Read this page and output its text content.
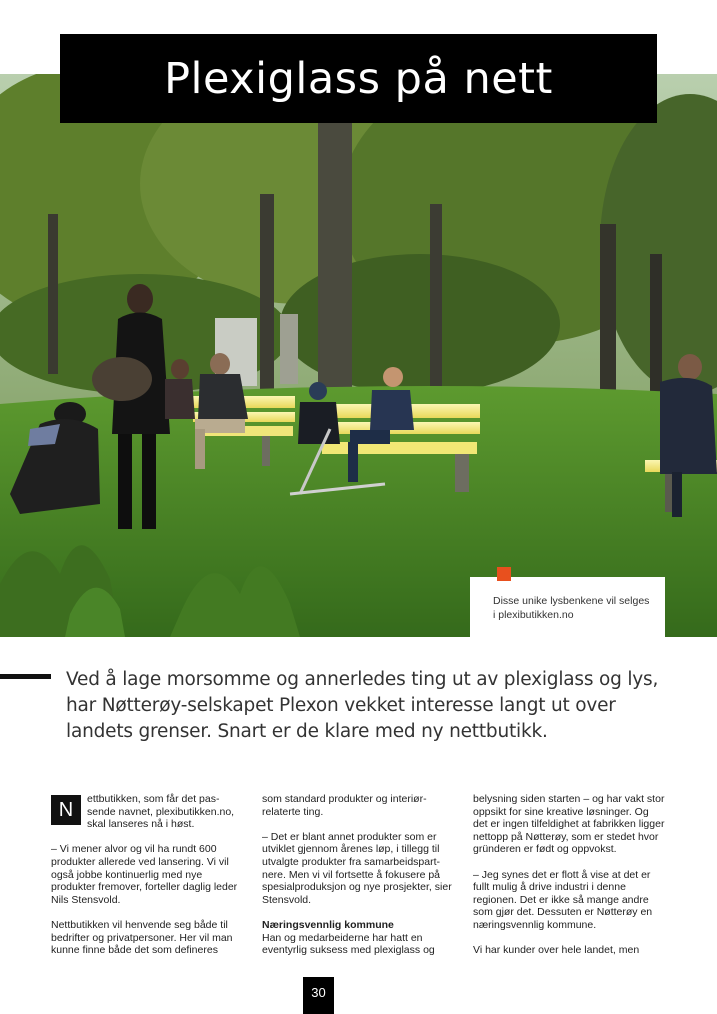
Plexiglass på nett

Disse unike lysbenkene vil selges i plexibutikken.no

Ved å lage morsomme og annerledes ting ut av plexiglass og lys, har Nøtterøy-selskapet Plexon vekket interesse langt ut over landets grenser. Snart er de klare med ny nettbutikk.

N	ettbutikken, som får det pas-sende navnet, plexibutikken.no, skal lanseres nå i høst.

– Vi mener alvor og vil ha rundt 600 produkter allerede ved lansering. Vi vil også jobbe kontinuerlig med nye produkter fremover, forteller daglig leder Nils Stensvold.

Nettbutikken vil henvende seg både til bedrifter og privatpersoner. Her vil man kunne finne både det som defineres

som standard produkter og interiør-relaterte ting.

– Det er blant annet produkter som er utviklet gjennom årenes løp, i tillegg til utvalgte produkter fra samarbeidspart-nere. Men vi vil fortsette å fokusere på spesialproduksjon og nye prosjekter, sier Stensvold.

Næringsvennlig kommune

Han og medarbeiderne har hatt en eventyrlig suksess med plexiglass og

belysning siden starten – og har vakt stor oppsikt for sine kreative løsninger. Og det er ingen tilfeldighet at fabrikken ligger nettopp på Nøtterøy, som er stedet hvor gründeren er født og oppvokst.

– Jeg synes det er flott å vise at det er fullt mulig å drive industri i denne regionen. Det er ikke så mange andre som gjør det. Dessuten er Nøtterøy en næringsvennlig kommune.

Vi har kunder over hele landet, men

30
